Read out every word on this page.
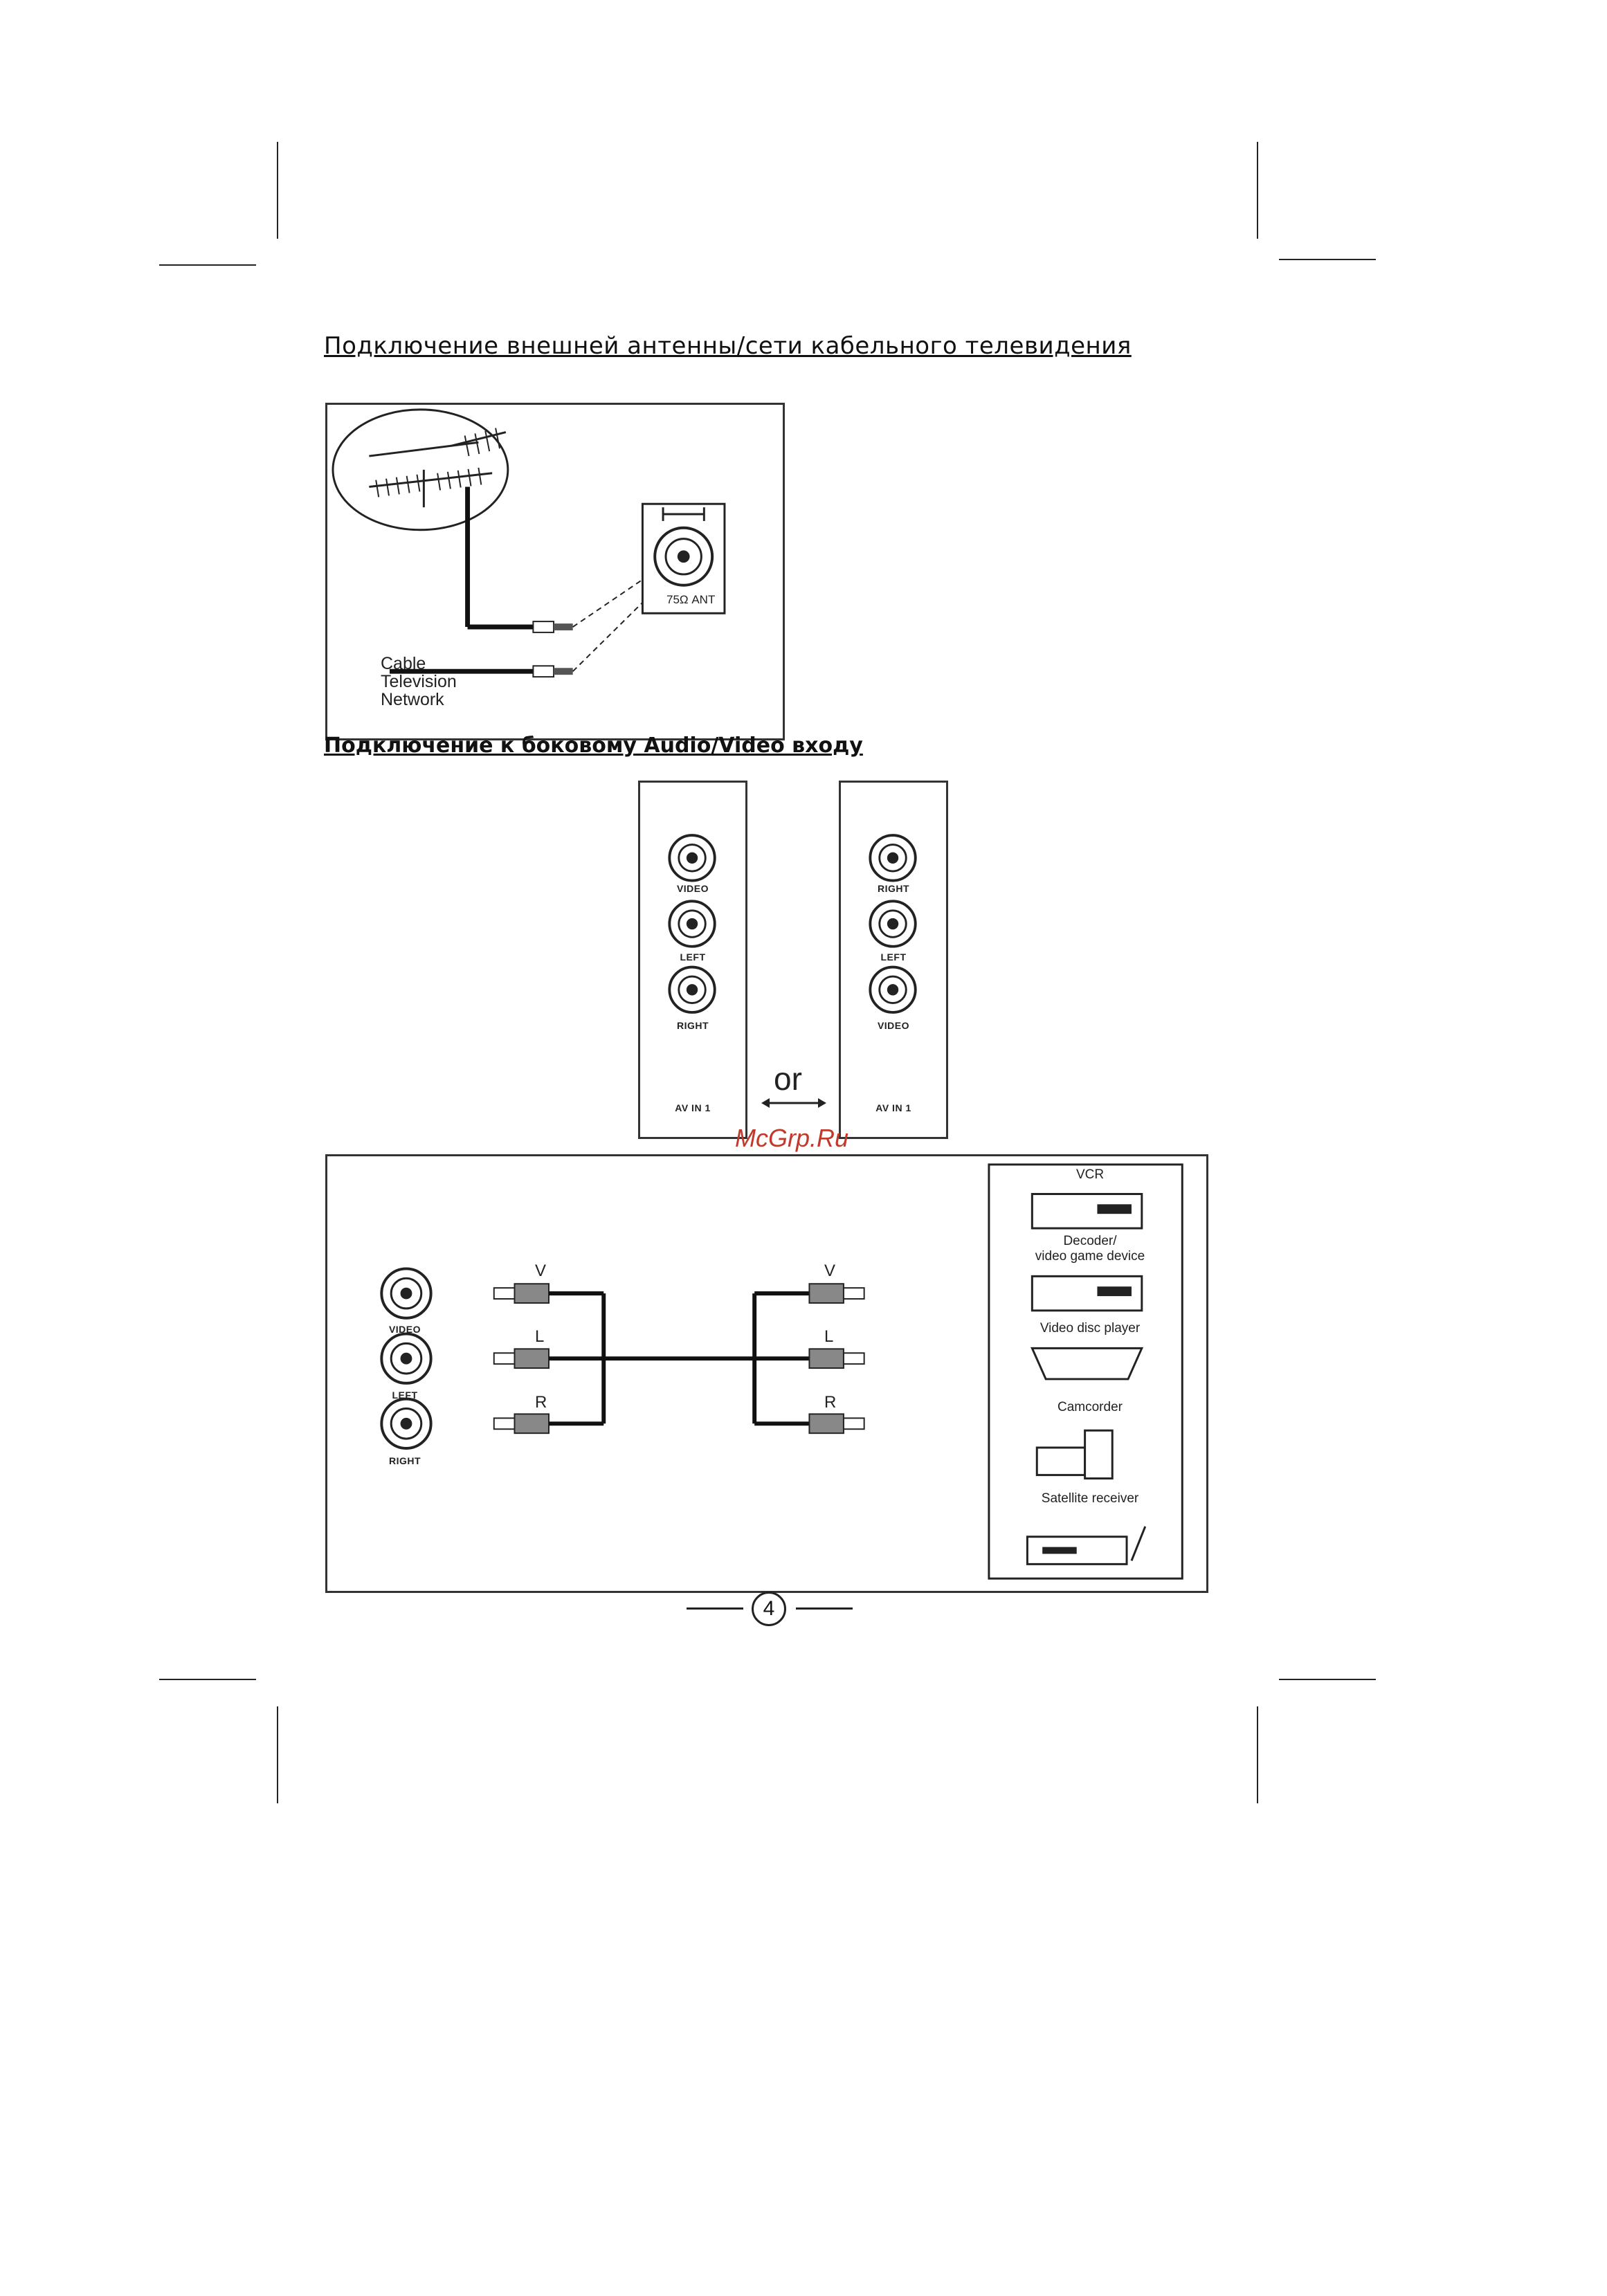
Подключение внешней антенны/сети кабельного телевидения
75Ω ANT
Cable
Television
Network
Подключение к боковому Audio/Video входу
VIDEO
LEFT
RIGHT
AV IN 1
or
RIGHT
LEFT
VIDEO
AV IN 1
McGrp.Ru
VIDEO
LEFT
RIGHT
V
L
R
V
L
R
VCR
Decoder/
video game device
Video disc player
Camcorder
Satellite receiver
4
